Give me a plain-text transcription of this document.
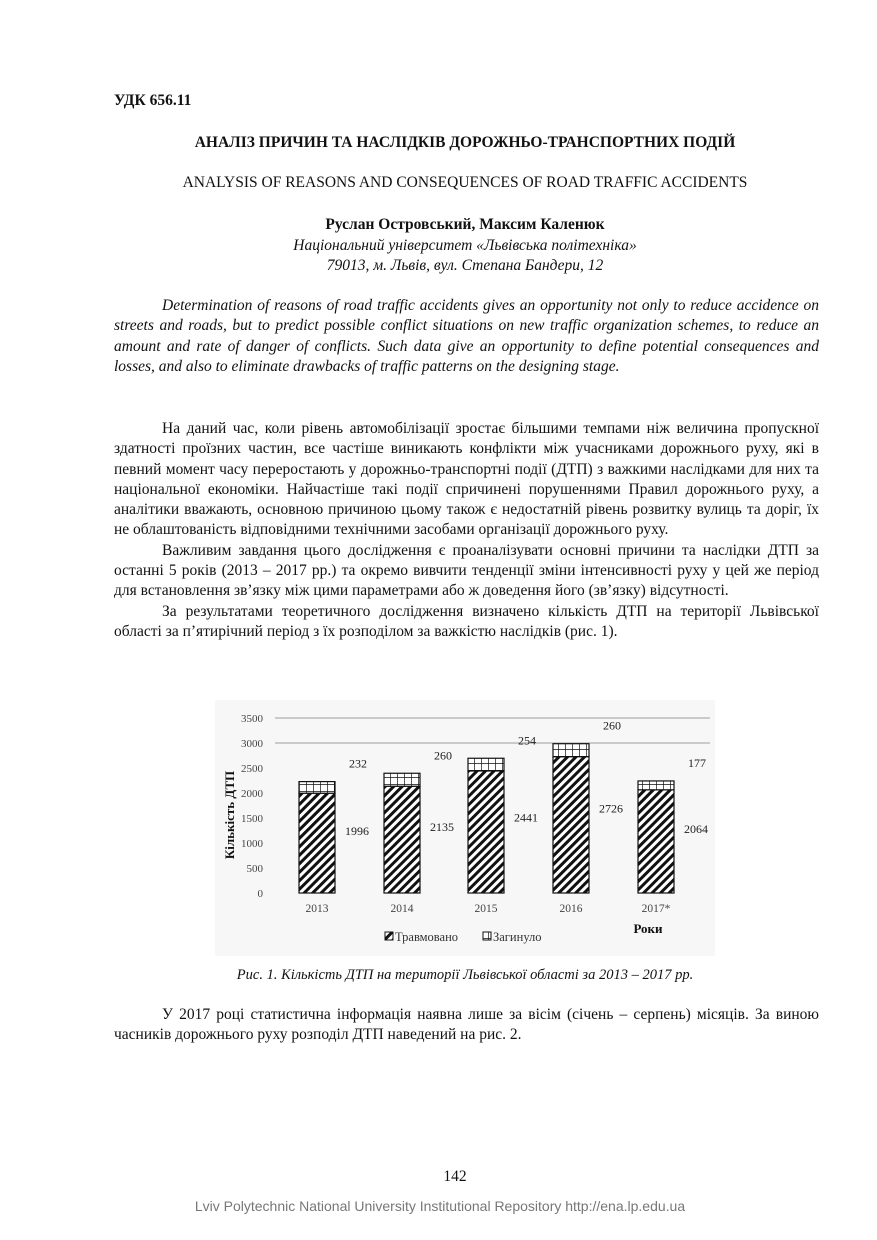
УДК 656.11
АНАЛІЗ ПРИЧИН ТА НАСЛІДКІВ ДОРОЖНЬО-ТРАНСПОРТНИХ ПОДІЙ
ANALYSIS OF REASONS AND CONSEQUENCES OF ROAD TRAFFIC ACCIDENTS
Руслан Островський, Максим Каленюк
Національний університет «Львівська політехніка»
79013, м. Львів, вул. Степана Бандери, 12

Determination of reasons of road traffic accidents gives an opportunity not only to reduce accidence on streets and roads, but to predict possible conflict situations on new traffic organization schemes, to reduce an amount and rate of danger of conflicts. Such data give an opportunity to define potential consequences and losses, and also to eliminate drawbacks of traffic patterns on the designing stage.

На даний час, коли рівень автомобілізації зростає більшими темпами ніж величина пропускної здатності проїзних частин, все частіше виникають конфлікти між учасниками дорожнього руху, які в певний момент часу переростають у дорожньо-транспортні події (ДТП) з важкими наслідками для них та національної економіки. Найчастіше такі події спричинені порушеннями Правил дорожнього руху, а аналітики вважають, основною причиною цьому також є недостатній рівень розвитку вулиць та доріг, їх не облаштованість відповідними технічними засобами організації дорожнього руху.

Важливим завдання цього дослідження є проаналізувати основні причини та наслідки ДТП за останні 5 років (2013 – 2017 рр.) та окремо вивчити тенденції зміни інтенсивності руху у цей же період для встановлення зв’язку між цими параметрами або ж доведення його (зв’язку) відсутності.

За результатами теоретичного дослідження визначено кількість ДТП на території Львівської області за п’ятирічний період з їх розподілом за важкістю наслідків (рис. 1).

0
500
1000
1500
2000
2500
3000
3500
Кількість ДТП	1996
232
2135
260
2441
254
2726
260
2064
177
2013	2014	2015	2016	2017*
Роки
Травмовано	Загинуло
Рис. 1. Кількість ДТП на території Львівської області за 2013 – 2017 рр.

У 2017 році статистична інформація наявна лише за вісім (січень – серпень) місяців. За виною часників дорожнього руху розподіл ДТП наведений на рис. 2.

142
Lviv Polytechnic National University Institutional Repository http://ena.lp.edu.ua
